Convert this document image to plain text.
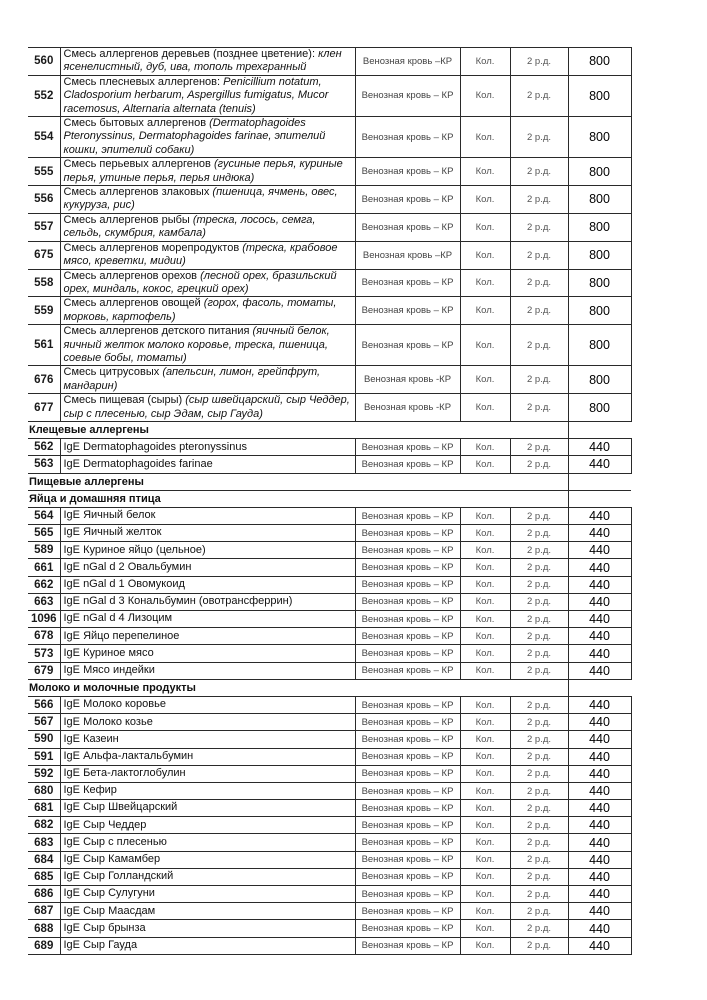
560	Смесь аллергенов деревьев (позднее цветение): клен ясенелистный, дуб, ива, тополь трехгранный	Венозная кровь –КР	Кол.	2 р.д.	800
552	Смесь плесневых аллергенов: Penicillium notatum, Cladosporium herbarum, Aspergillus fumigatus, Mucor racemosus, Alternaria alternata (tenuis)	Венозная кровь – КР	Кол.	2 р.д.	800
554	Смесь бытовых аллергенов (Dermatophagoides Pteronyssinus, Dermatophagoides farinae, эпителий кошки, эпителий собаки)	Венозная кровь – КР	Кол.	2 р.д.	800
555	Смесь перьевых аллергенов (гусиные перья, куриные перья, утиные перья, перья индюка)	Венозная кровь – КР	Кол.	2 р.д.	800
556	Смесь аллергенов злаковых (пшеница, ячмень, овес, кукуруза, рис)	Венозная кровь – КР	Кол.	2 р.д.	800
557	Смесь аллергенов рыбы (треска, лосось, семга, сельдь, скумбрия, камбала)	Венозная кровь – КР	Кол.	2 р.д.	800
675	Смесь аллергенов морепродуктов (треска, крабовое мясо, креветки, мидии)	Венозная кровь –КР	Кол.	2 р.д.	800
558	Смесь аллергенов орехов (лесной орех, бразильский орех, миндаль, кокос, грецкий орех)	Венозная кровь – КР	Кол.	2 р.д.	800
559	Смесь аллергенов овощей (горох, фасоль, томаты, морковь, картофель)	Венозная кровь – КР	Кол.	2 р.д.	800
561	Смесь аллергенов детского питания (яичный белок, яичный желток молоко коровье, треска, пшеница, соевые бобы, томаты)	Венозная кровь – КР	Кол.	2 р.д.	800
676	Смесь цитрусовых (апельсин, лимон, грейпфрут, мандарин)	Венозная кровь -КР	Кол.	2 р.д.	800
677	Смесь пищевая (сыры) (сыр швейцарский, сыр Чеддер, сыр с плесенью, сыр Эдам, сыр Гауда)	Венозная кровь -КР	Кол.	2 р.д.	800
Клещевые аллергены					
562	IgE Dermatophagoides pteronyssinus	Венозная кровь – КР	Кол.	2 р.д.	440
563	IgE Dermatophagoides farinae	Венозная кровь – КР	Кол.	2 р.д.	440
Пищевые аллергены					
Яйца и домашняя птица					
564	IgE Яичный белок	Венозная кровь – КР	Кол.	2 р.д.	440
565	IgE Яичный желток	Венозная кровь – КР	Кол.	2 р.д.	440
589	IgE Куриное яйцо (цельное)	Венозная кровь – КР	Кол.	2 р.д.	440
661	IgE nGal d 2 Овальбумин	Венозная кровь – КР	Кол.	2 р.д.	440
662	IgE nGal d 1 Овомукоид	Венозная кровь – КР	Кол.	2 р.д.	440
663	IgE nGal d 3 Кональбумин (овотрансферрин)	Венозная кровь – КР	Кол.	2 р.д.	440
1096	IgE nGal d 4 Лизоцим	Венозная кровь – КР	Кол.	2 р.д.	440
678	IgE Яйцо перепелиное	Венозная кровь – КР	Кол.	2 р.д.	440
573	IgE Куриное мясо	Венозная кровь – КР	Кол.	2 р.д.	440
679	IgE Мясо индейки	Венозная кровь – КР	Кол.	2 р.д.	440
Молоко и молочные продукты					
566	IgE Молоко коровье	Венозная кровь – КР	Кол.	2 р.д.	440
567	IgE Молоко козье	Венозная кровь – КР	Кол.	2 р.д.	440
590	IgE Казеин	Венозная кровь – КР	Кол.	2 р.д.	440
591	IgE Альфа-лактальбумин	Венозная кровь – КР	Кол.	2 р.д.	440
592	IgE Бета-лактоглобулин	Венозная кровь – КР	Кол.	2 р.д.	440
680	IgE Кефир	Венозная кровь – КР	Кол.	2 р.д.	440
681	IgE Сыр Швейцарский	Венозная кровь – КР	Кол.	2 р.д.	440
682	IgE Сыр Чеддер	Венозная кровь – КР	Кол.	2 р.д.	440
683	IgE Сыр с плесенью	Венозная кровь – КР	Кол.	2 р.д.	440
684	IgE Сыр Камамбер	Венозная кровь – КР	Кол.	2 р.д.	440
685	IgE Сыр Голландский	Венозная кровь – КР	Кол.	2 р.д.	440
686	IgE Сыр Сулугуни	Венозная кровь – КР	Кол.	2 р.д.	440
687	IgE Сыр Маасдам	Венозная кровь – КР	Кол.	2 р.д.	440
688	IgE Сыр брынза	Венозная кровь – КР	Кол.	2 р.д.	440
689	IgE Сыр Гауда	Венозная кровь – КР	Кол.	2 р.д.	440
